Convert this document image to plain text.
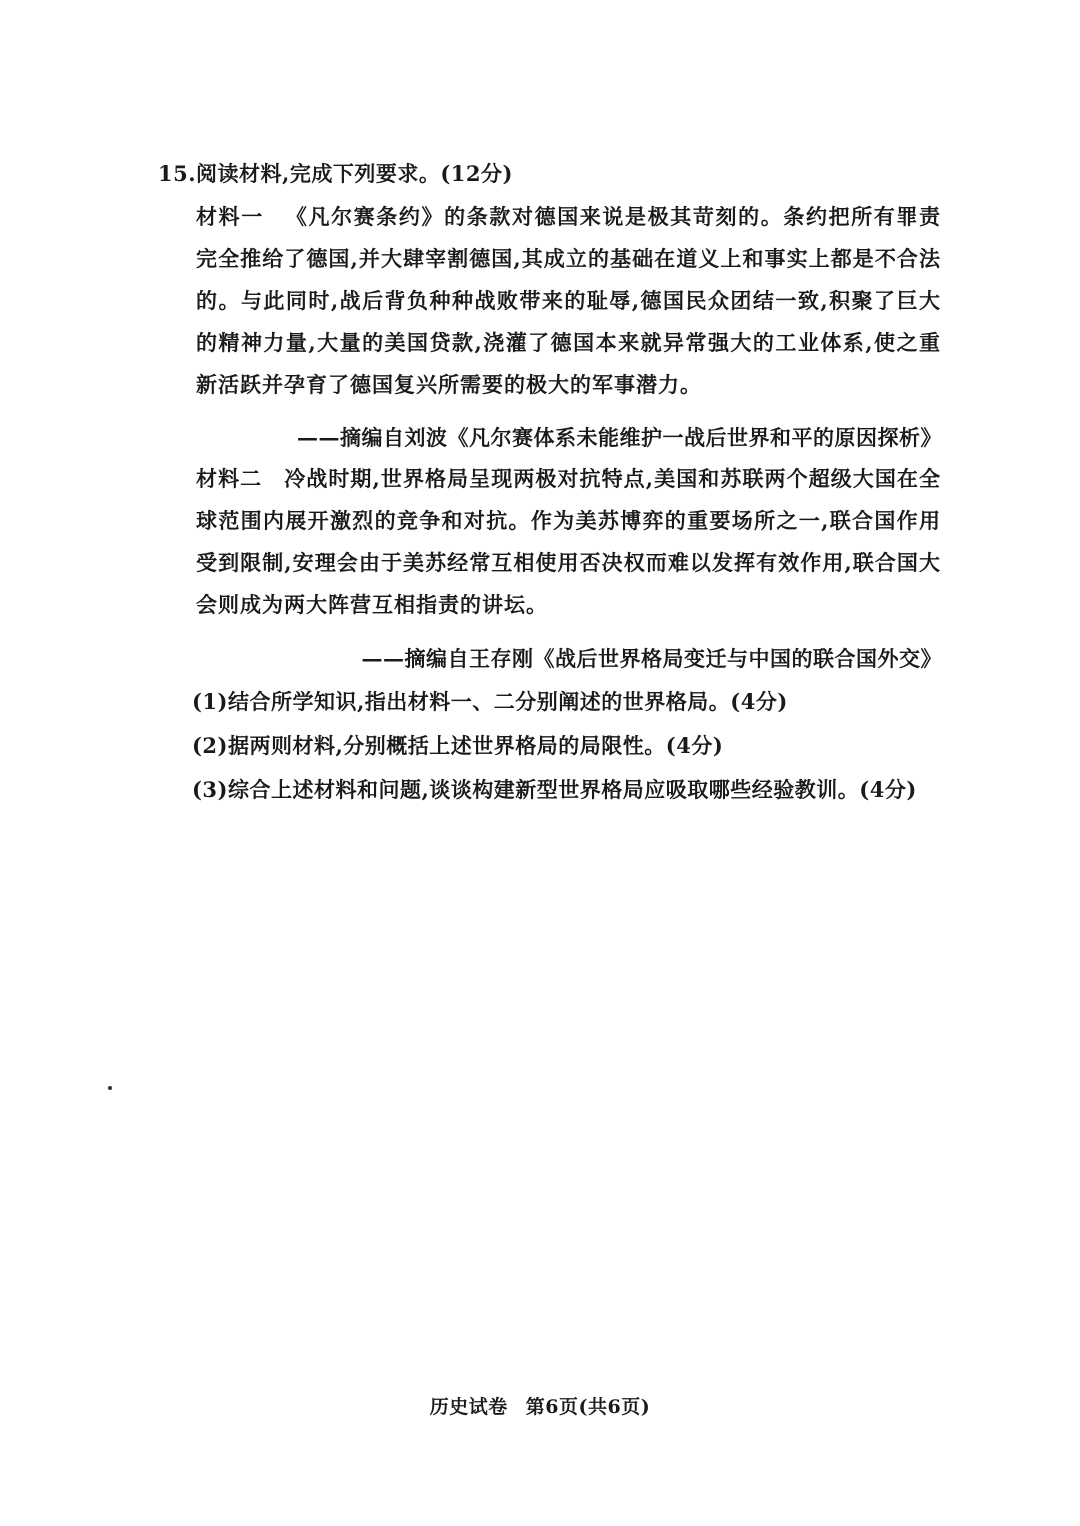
15.阅读材料,完成下列要求。(12分)
材料一 《凡尔赛条约》的条款对德国来说是极其苛刻的。条约把所有罪责完全推给了德国,并大肆宰割德国,其成立的基础在道义上和事实上都是不合法的。与此同时,战后背负种种战败带来的耻辱,德国民众团结一致,积聚了巨大的精神力量,大量的美国贷款,浇灌了德国本来就异常强大的工业体系,使之重新活跃并孕育了德国复兴所需要的极大的军事潜力。
——摘编自刘波《凡尔赛体系未能维护一战后世界和平的原因探析》
材料二 冷战时期,世界格局呈现两极对抗特点,美国和苏联两个超级大国在全球范围内展开激烈的竞争和对抗。作为美苏博弈的重要场所之一,联合国作用受到限制,安理会由于美苏经常互相使用否决权而难以发挥有效作用,联合国大会则成为两大阵营互相指责的讲坛。
——摘编自王存刚《战后世界格局变迁与中国的联合国外交》
(1)结合所学知识,指出材料一、二分别阐述的世界格局。(4分)
(2)据两则材料,分别概括上述世界格局的局限性。(4分)
(3)综合上述材料和问题,谈谈构建新型世界格局应吸取哪些经验教训。(4分)
历史试卷 第6页(共6页)
